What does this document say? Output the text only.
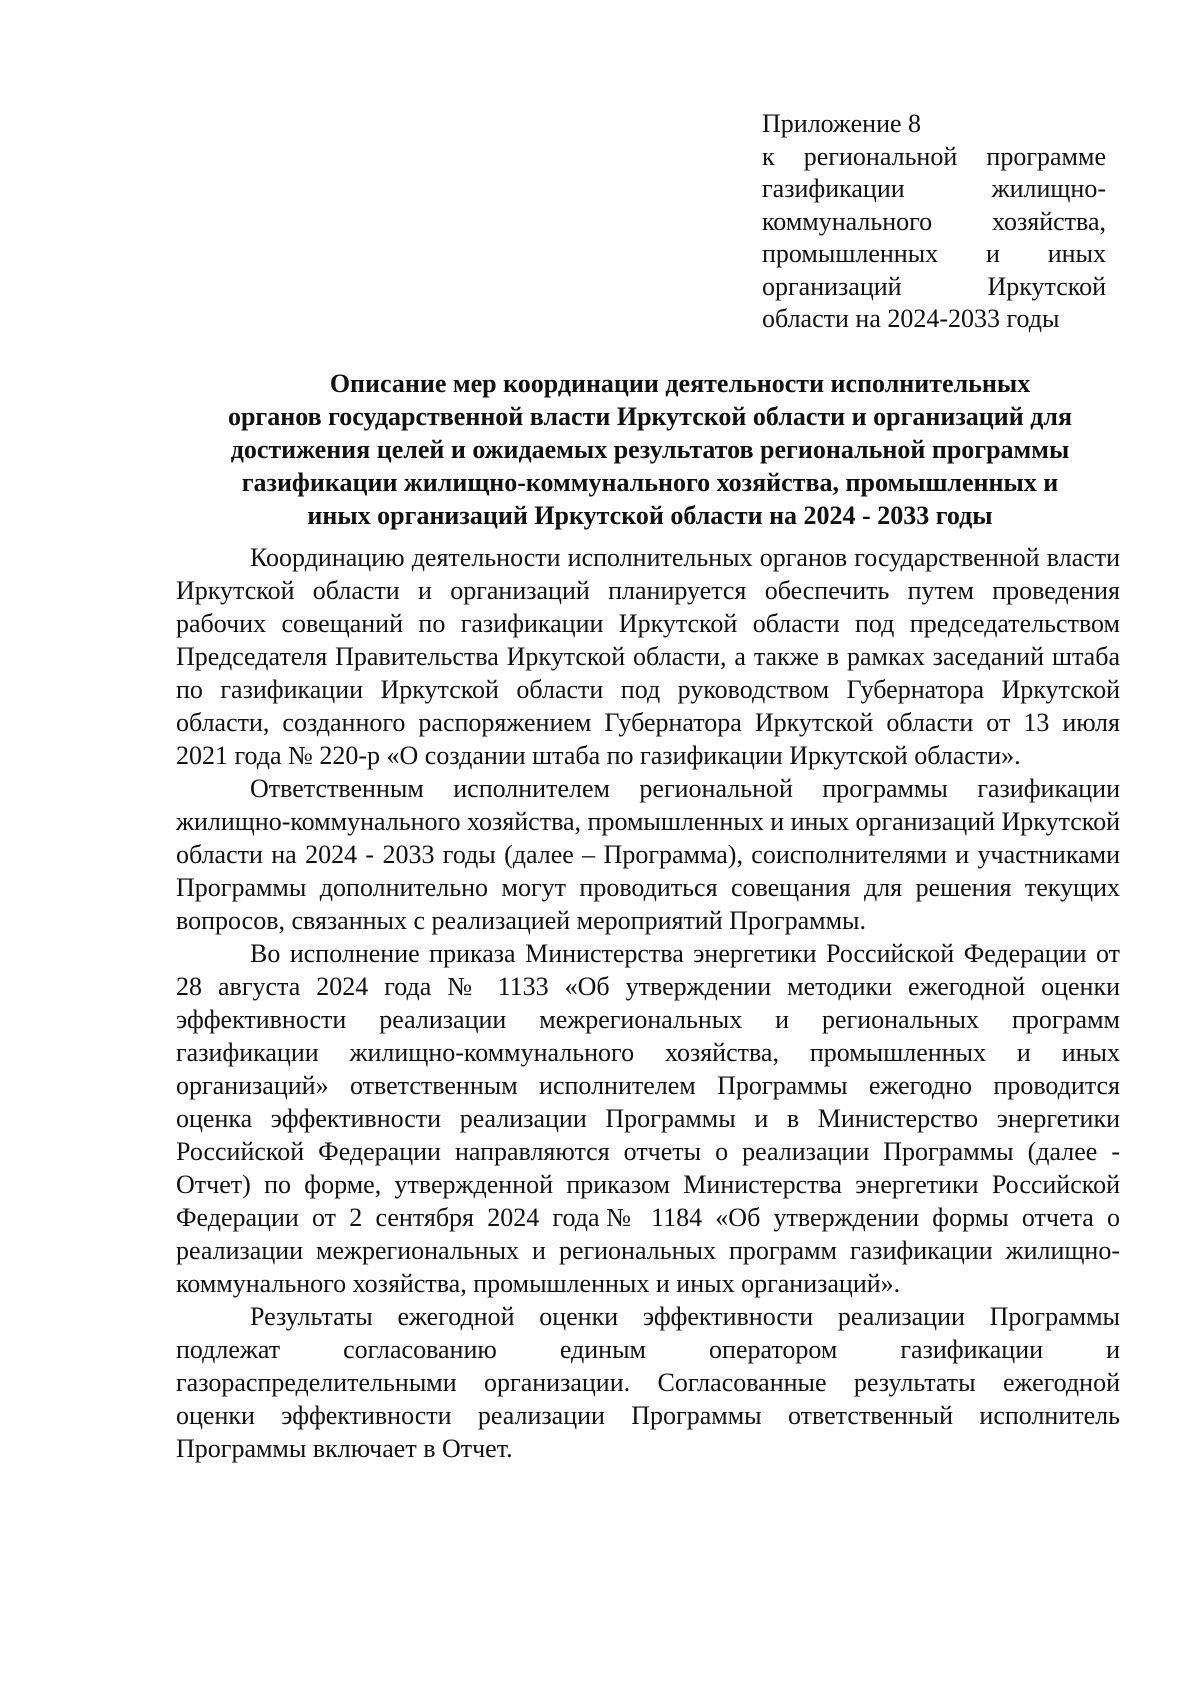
Приложение 8
к региональной программе
газификации жилищно-
коммунального хозяйства,
промышленных и иных
организаций Иркутской
области на 2024-2033 годы
Описание мер координации деятельности исполнительных
органов государственной власти Иркутской области и организаций для
достижения целей и ожидаемых результатов региональной программы
газификации жилищно-коммунального хозяйства, промышленных и
иных организаций Иркутской области на 2024 - 2033 годы

Координацию деятельности исполнительных органов государственной власти Иркутской области и организаций планируется обеспечить путем проведения рабочих совещаний по газификации Иркутской области под председательством Председателя Правительства Иркутской области, а также в рамках заседаний штаба по газификации Иркутской области под руководством Губернатора Иркутской области, созданного распоряжением Губернатора Иркутской области от 13 июля 2021 года № 220-р «О создании штаба по газификации Иркутской области».

Ответственным исполнителем региональной программы газификации жилищно-коммунального хозяйства, промышленных и иных организаций Иркутской области на 2024 - 2033 годы (далее – Программа), соисполнителями и участниками Программы дополнительно могут проводиться совещания для решения текущих вопросов, связанных с реализацией мероприятий Программы.

Во исполнение приказа Министерства энергетики Российской Федерации от 28 августа 2024 года № 1133 «Об утверждении методики ежегодной оценки эффективности реализации межрегиональных и региональных программ газификации жилищно-коммунального хозяйства, промышленных и иных организаций» ответственным исполнителем Программы ежегодно проводится оценка эффективности реализации Программы и в Министерство энергетики Российской Федерации направляются отчеты о реализации Программы (далее - Отчет) по форме, утвержденной приказом Министерства энергетики Российской Федерации от 2 сентября 2024 года№ 1184 «Об утверждении формы отчета о реализации межрегиональных и региональных программ газификации жилищно-коммунального хозяйства, промышленных и иных организаций».

Результаты ежегодной оценки эффективности реализации Программы подлежат согласованию единым оператором газификации и газораспределительными организации. Согласованные результаты ежегодной оценки эффективности реализации Программы ответственный исполнитель Программы включает в Отчет.
